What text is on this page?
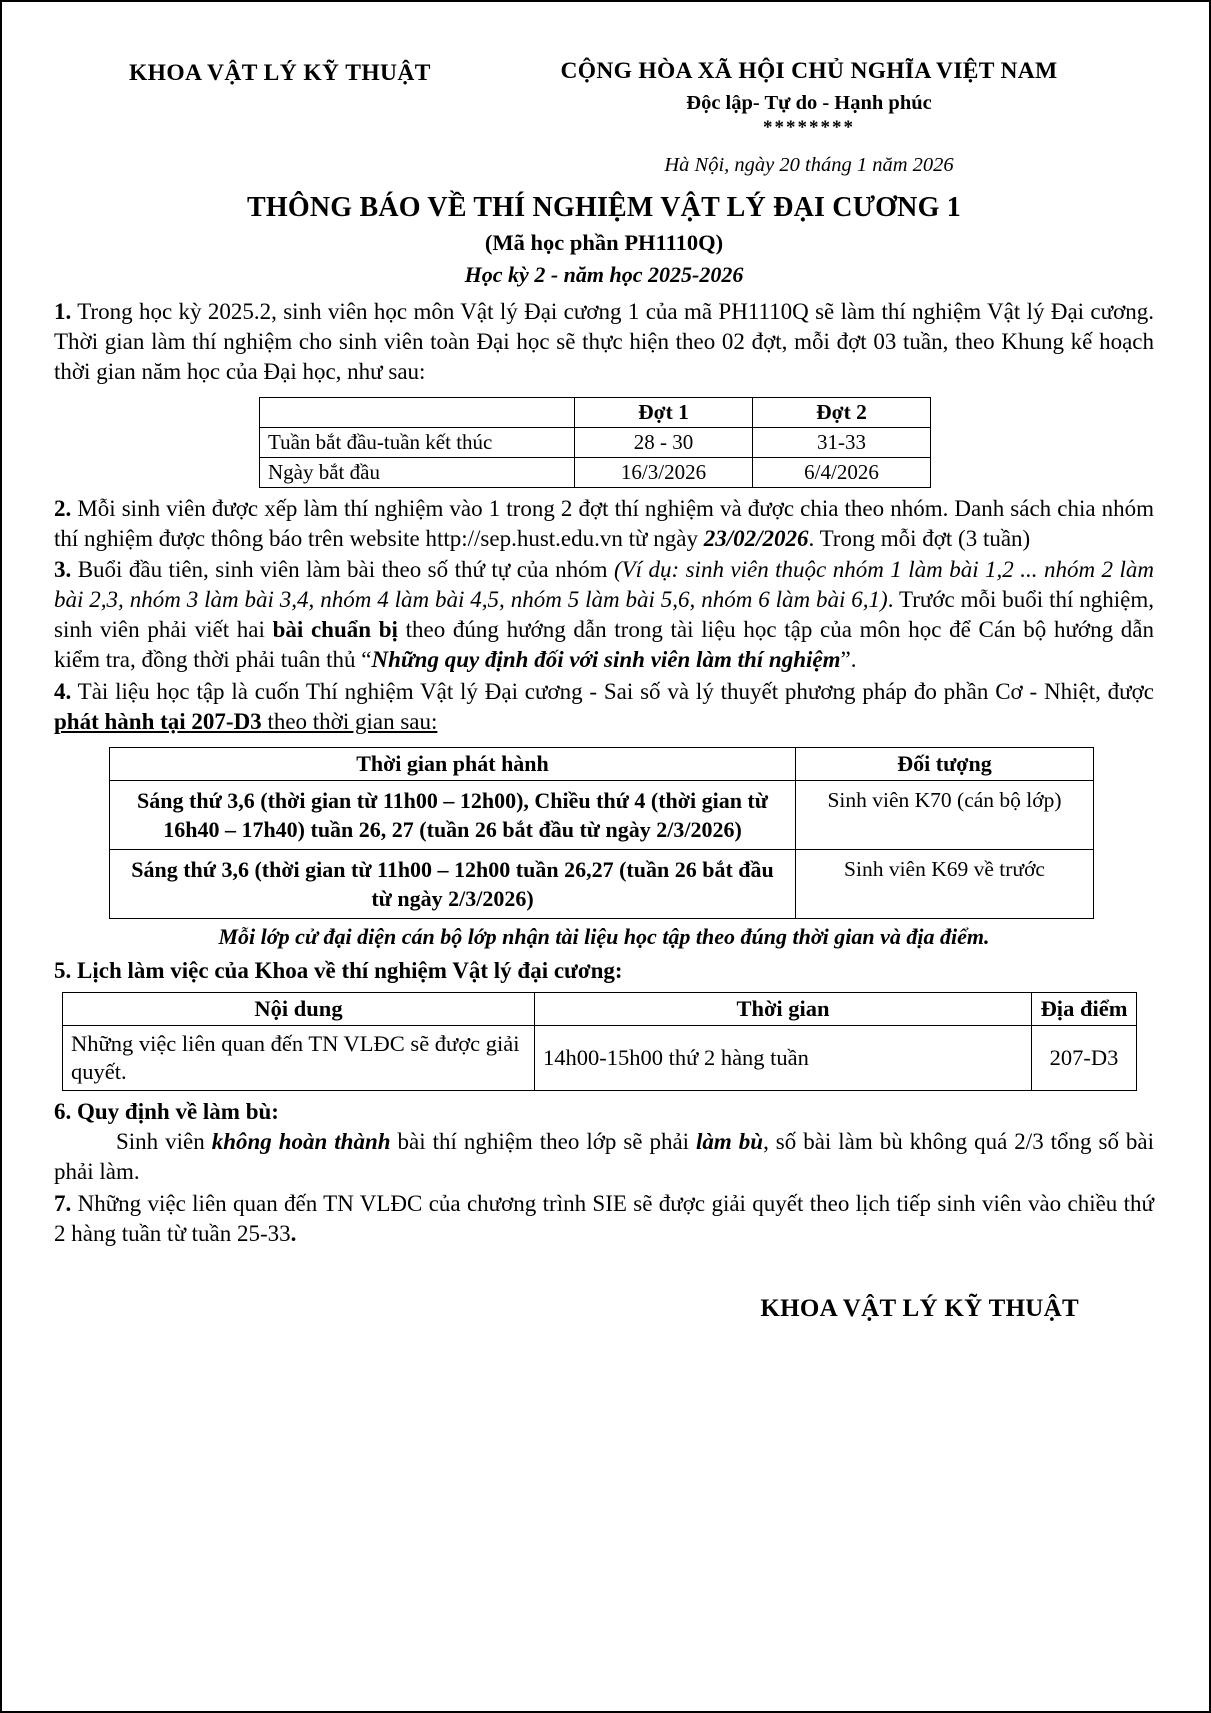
KHOA VẬT LÝ KỸ THUẬT	CỘNG HÒA XÃ HỘI CHỦ NGHĨA VIỆT NAM
Độc lập- Tự do - Hạnh phúc
********
Hà Nội, ngày 20 tháng 1 năm 2026
THÔNG BÁO VỀ THÍ NGHIỆM VẬT LÝ ĐẠI CƯƠNG 1
(Mã học phần PH1110Q)
Học kỳ 2 - năm học 2025-2026
1. Trong học kỳ 2025.2, sinh viên học môn Vật lý Đại cương 1 của mã PH1110Q sẽ làm thí nghiệm Vật lý Đại cương. Thời gian làm thí nghiệm cho sinh viên toàn Đại học sẽ thực hiện theo 02 đợt, mỗi đợt 03 tuần, theo Khung kế hoạch thời gian năm học của Đại học, như sau:
	Đợt 1	Đợt 2
Tuần bắt đầu-tuần kết thúc	28 - 30	31-33
Ngày bắt đầu	16/3/2026	6/4/2026
2. Mỗi sinh viên được xếp làm thí nghiệm vào 1 trong 2 đợt thí nghiệm và được chia theo nhóm. Danh sách chia nhóm thí nghiệm được thông báo trên website http://sep.hust.edu.vn từ ngày 23/02/2026. Trong mỗi đợt (3 tuần)
3. Buổi đầu tiên, sinh viên làm bài theo số thứ tự của nhóm (Ví dụ: sinh viên thuộc nhóm 1 làm bài 1,2 ... nhóm 2 làm bài 2,3, nhóm 3 làm bài 3,4, nhóm 4 làm bài 4,5, nhóm 5 làm bài 5,6, nhóm 6 làm bài 6,1). Trước mỗi buổi thí nghiệm, sinh viên phải viết hai bài chuẩn bị theo đúng hướng dẫn trong tài liệu học tập của môn học để Cán bộ hướng dẫn kiểm tra, đồng thời phải tuân thủ “Những quy định đối với sinh viên làm thí nghiệm”.
4. Tài liệu học tập là cuốn Thí nghiệm Vật lý Đại cương - Sai số và lý thuyết phương pháp đo phần Cơ - Nhiệt, được phát hành tại 207-D3 theo thời gian sau:
Thời gian phát hành	Đối tượng
Sáng thứ 3,6 (thời gian từ 11h00 – 12h00), Chiều thứ 4 (thời gian từ 16h40 – 17h40) tuần 26, 27 (tuần 26 bắt đầu từ ngày 2/3/2026)	Sinh viên K70 (cán bộ lớp)
Sáng thứ 3,6 (thời gian từ 11h00 – 12h00 tuần 26,27 (tuần 26 bắt đầu từ ngày 2/3/2026)	Sinh viên K69 về trước
Mỗi lớp cử đại diện cán bộ lớp nhận tài liệu học tập theo đúng thời gian và địa điểm.
5. Lịch làm việc của Khoa về thí nghiệm Vật lý đại cương:
Nội dung	Thời gian	Địa điểm
Những việc liên quan đến TN VLĐC sẽ được giải quyết.	14h00-15h00 thứ 2 hàng tuần	207-D3
6. Quy định về làm bù:
Sinh viên không hoàn thành bài thí nghiệm theo lớp sẽ phải làm bù, số bài làm bù không quá 2/3 tổng số bài phải làm.
7. Những việc liên quan đến TN VLĐC của chương trình SIE sẽ được giải quyết theo lịch tiếp sinh viên vào chiều thứ 2 hàng tuần từ tuần 25-33.
KHOA VẬT LÝ KỸ THUẬT
